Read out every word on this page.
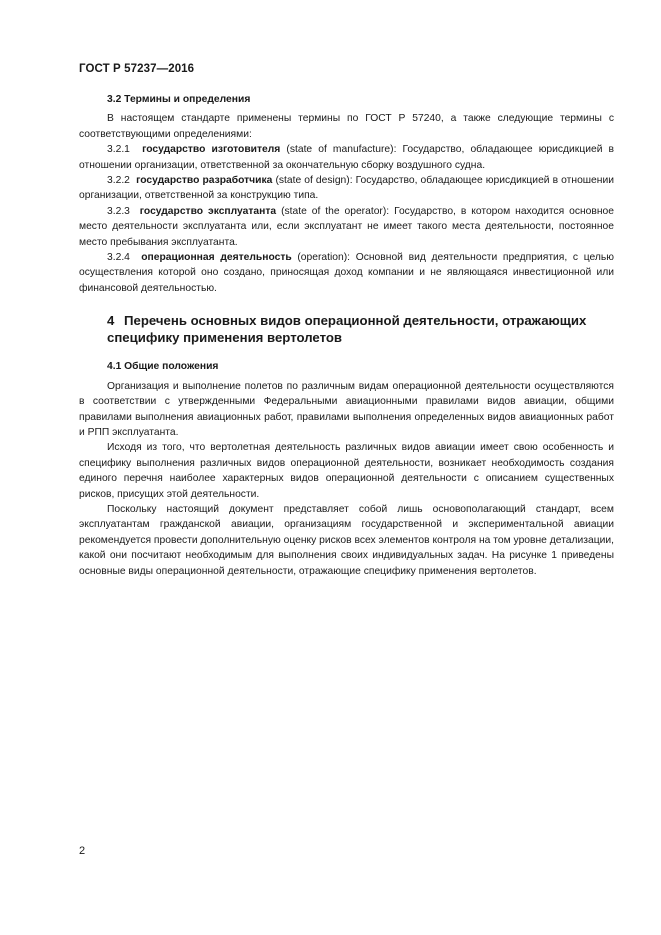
ГОСТ Р 57237—2016

3.2 Термины и определения

В настоящем стандарте применены термины по ГОСТ Р 57240, а также следующие термины с соответствующими определениями:

3.2.1 государство изготовителя (state of manufacture): Государство, обладающее юрисдикцией в отношении организации, ответственной за окончательную сборку воздушного судна.

3.2.2 государство разработчика (state of design): Государство, обладающее юрисдикцией в отношении организации, ответственной за конструкцию типа.

3.2.3 государство эксплуатанта (state of the operator): Государство, в котором находится основное место деятельности эксплуатанта или, если эксплуатант не имеет такого места деятельности, постоянное место пребывания эксплуатанта.

3.2.4 операционная деятельность (operation): Основной вид деятельности предприятия, с целью осуществления которой оно создано, приносящая доход компании и не являющаяся инвестиционной или финансовой деятельностью.

4 Перечень основных видов операционной деятельности, отражающих
специфику применения вертолетов

4.1 Общие положения

Организация и выполнение полетов по различным видам операционной деятельности осуществляются в соответствии с утвержденными Федеральными авиационными правилами видов авиации, общими правилами выполнения авиационных работ, правилами выполнения определенных видов авиационных работ и РПП эксплуатанта.

Исходя из того, что вертолетная деятельность различных видов авиации имеет свою особенность и специфику выполнения различных видов операционной деятельности, возникает необходимость создания единого перечня наиболее характерных видов операционной деятельности с описанием существенных рисков, присущих этой деятельности.

Поскольку настоящий документ представляет собой лишь основополагающий стандарт, всем эксплуатантам гражданской авиации, организациям государственной и экспериментальной авиации рекомендуется провести дополнительную оценку рисков всех элементов контроля на том уровне детализации, какой они посчитают необходимым для выполнения своих индивидуальных задач. На рисунке 1 приведены основные виды операционной деятельности, отражающие специфику применения вертолетов.

2
